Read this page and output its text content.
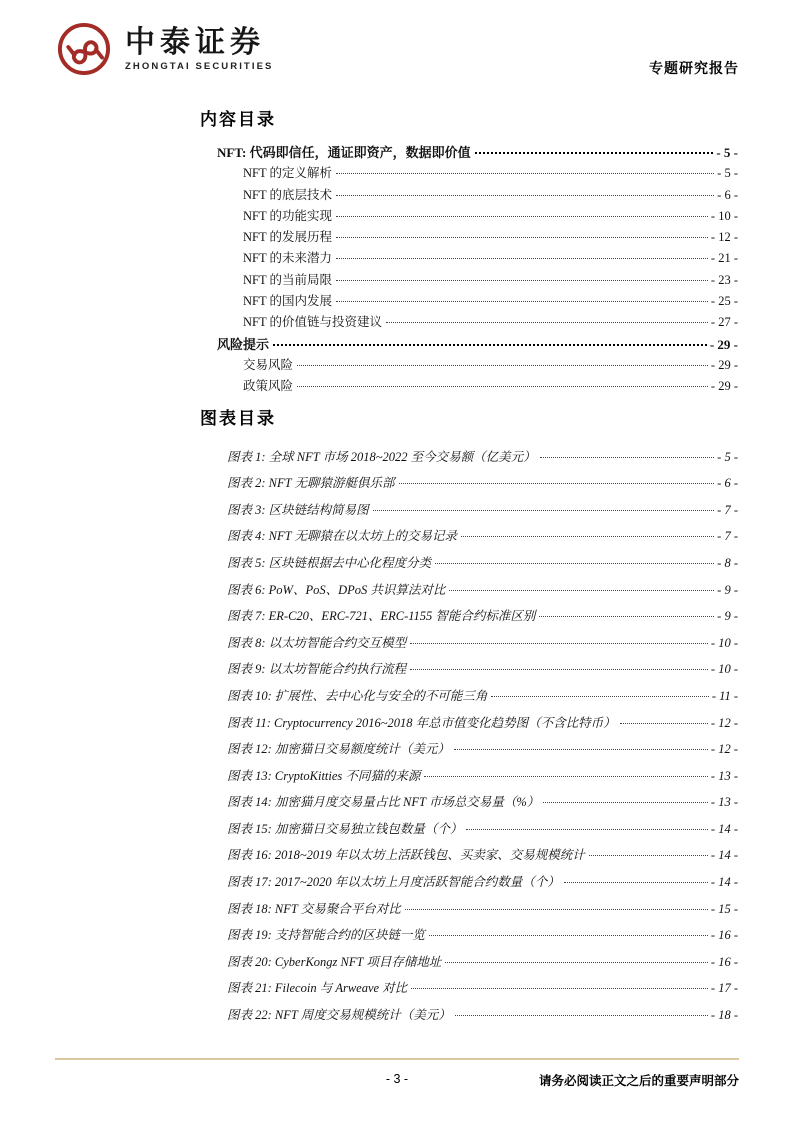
中泰证券
ZHONGTAI SECURITIES	专题研究报告
内容目录
NFT: 代码即信任，通证即资产，数据即价值	- 5 -
NFT 的定义解析	- 5 -
NFT 的底层技术	- 6 -
NFT 的功能实现	- 10 -
NFT 的发展历程	- 12 -
NFT 的未来潜力	- 21 -
NFT 的当前局限	- 23 -
NFT 的国内发展	- 25 -
NFT 的价值链与投资建议	- 27 -
风险提示	- 29 -
交易风险	- 29 -
政策风险	- 29 -
图表目录
图表 1: 全球 NFT 市场 2018~2022 至今交易额（亿美元）	- 5 -
图表 2: NFT 无聊猿游艇俱乐部	- 6 -
图表 3: 区块链结构简易图	- 7 -
图表 4: NFT 无聊猿在以太坊上的交易记录	- 7 -
图表 5: 区块链根据去中心化程度分类	- 8 -
图表 6: PoW、PoS、DPoS 共识算法对比	- 9 -
图表 7: ER-C20、ERC-721、ERC-1155 智能合约标准区别	- 9 -
图表 8: 以太坊智能合约交互模型	- 10 -
图表 9: 以太坊智能合约执行流程	- 10 -
图表 10: 扩展性、去中心化与安全的不可能三角	- 11 -
图表 11: Cryptocurrency 2016~2018 年总市值变化趋势图（不含比特币）	- 12 -
图表 12: 加密猫日交易额度统计（美元）	- 12 -
图表 13: CryptoKitties 不同猫的来源	- 13 -
图表 14: 加密猫月度交易量占比 NFT 市场总交易量（%）	- 13 -
图表 15: 加密猫日交易独立钱包数量（个）	- 14 -
图表 16: 2018~2019 年以太坊上活跃钱包、买卖家、交易规模统计	- 14 -
图表 17: 2017~2020 年以太坊上月度活跃智能合约数量（个）	- 14 -
图表 18: NFT 交易聚合平台对比	- 15 -
图表 19: 支持智能合约的区块链一览	- 16 -
图表 20: CyberKongz NFT 项目存储地址	- 16 -
图表 21: Filecoin 与 Arweave 对比	- 17 -
图表 22: NFT 周度交易规模统计（美元）	- 18 -
- 3 -	请务必阅读正文之后的重要声明部分
